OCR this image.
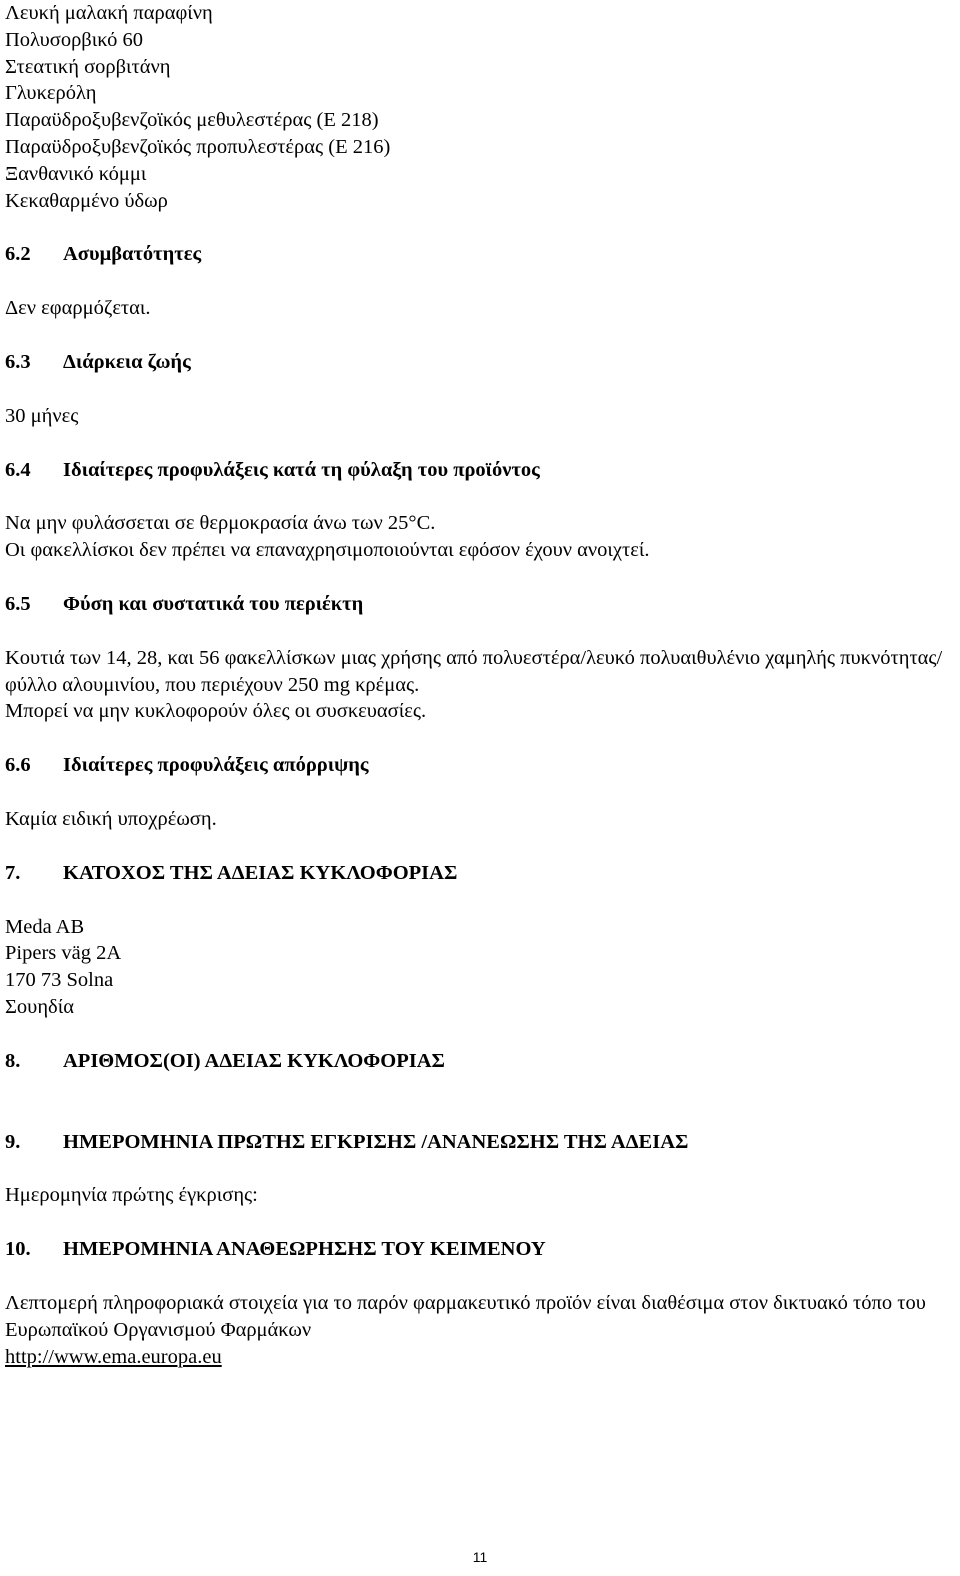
Λευκή μαλακή παραφίνη
Πολυσορβικό 60
Στεατική σορβιτάνη
Γλυκερόλη
Παραϋδροξυβενζοϊκός μεθυλεστέρας (Ε 218)
Παραϋδροξυβενζοϊκός προπυλεστέρας (Ε 216)
Ξανθανικό κόμμι
Κεκαθαρμένο ύδωρ
6.2	Ασυμβατότητες
Δεν εφαρμόζεται.
6.3	Διάρκεια ζωής
30 μήνες
6.4	Ιδιαίτερες προφυλάξεις κατά τη φύλαξη του προϊόντος
Να μην φυλάσσεται σε θερμοκρασία άνω των 25°C.
Οι φακελλίσκοι δεν πρέπει να επαναχρησιμοποιούνται εφόσον έχουν ανοιχτεί.
6.5	Φύση και συστατικά του περιέκτη
Κουτιά των 14, 28, και 56 φακελλίσκων μιας χρήσης από πολυεστέρα/λευκό πολυαιθυλένιο χαμηλής πυκνότητας/φύλλο αλουμινίου, που περιέχουν 250 mg κρέμας.
Μπορεί να μην κυκλοφορούν όλες οι συσκευασίες.
6.6	Ιδιαίτερες προφυλάξεις απόρριψης
Καμία ειδική υποχρέωση.
7.	ΚΑΤΟΧΟΣ ΤΗΣ ΑΔΕΙΑΣ ΚΥΚΛΟΦΟΡΙΑΣ
Meda AB
Pipers väg 2A
170 73 Solna
Σουηδία
8.	ΑΡΙΘΜΟΣ(ΟΙ) ΑΔΕΙΑΣ ΚΥΚΛΟΦΟΡΙΑΣ
9.	ΗΜΕΡΟΜΗΝΙΑ ΠΡΩΤΗΣ ΕΓΚΡΙΣΗΣ /ΑΝΑΝΕΩΣΗΣ ΤΗΣ ΑΔΕΙΑΣ
Ημερομηνία πρώτης έγκρισης:
10.	ΗΜΕΡΟΜΗΝΙΑ ΑΝΑΘΕΩΡΗΣΗΣ ΤΟΥ ΚΕΙΜΕΝΟΥ
Λεπτομερή πληροφοριακά στοιχεία για το παρόν φαρμακευτικό προϊόν είναι διαθέσιμα στον δικτυακό τόπο του Ευρωπαϊκού Οργανισμού Φαρμάκων
http://www.ema.europa.eu
11
